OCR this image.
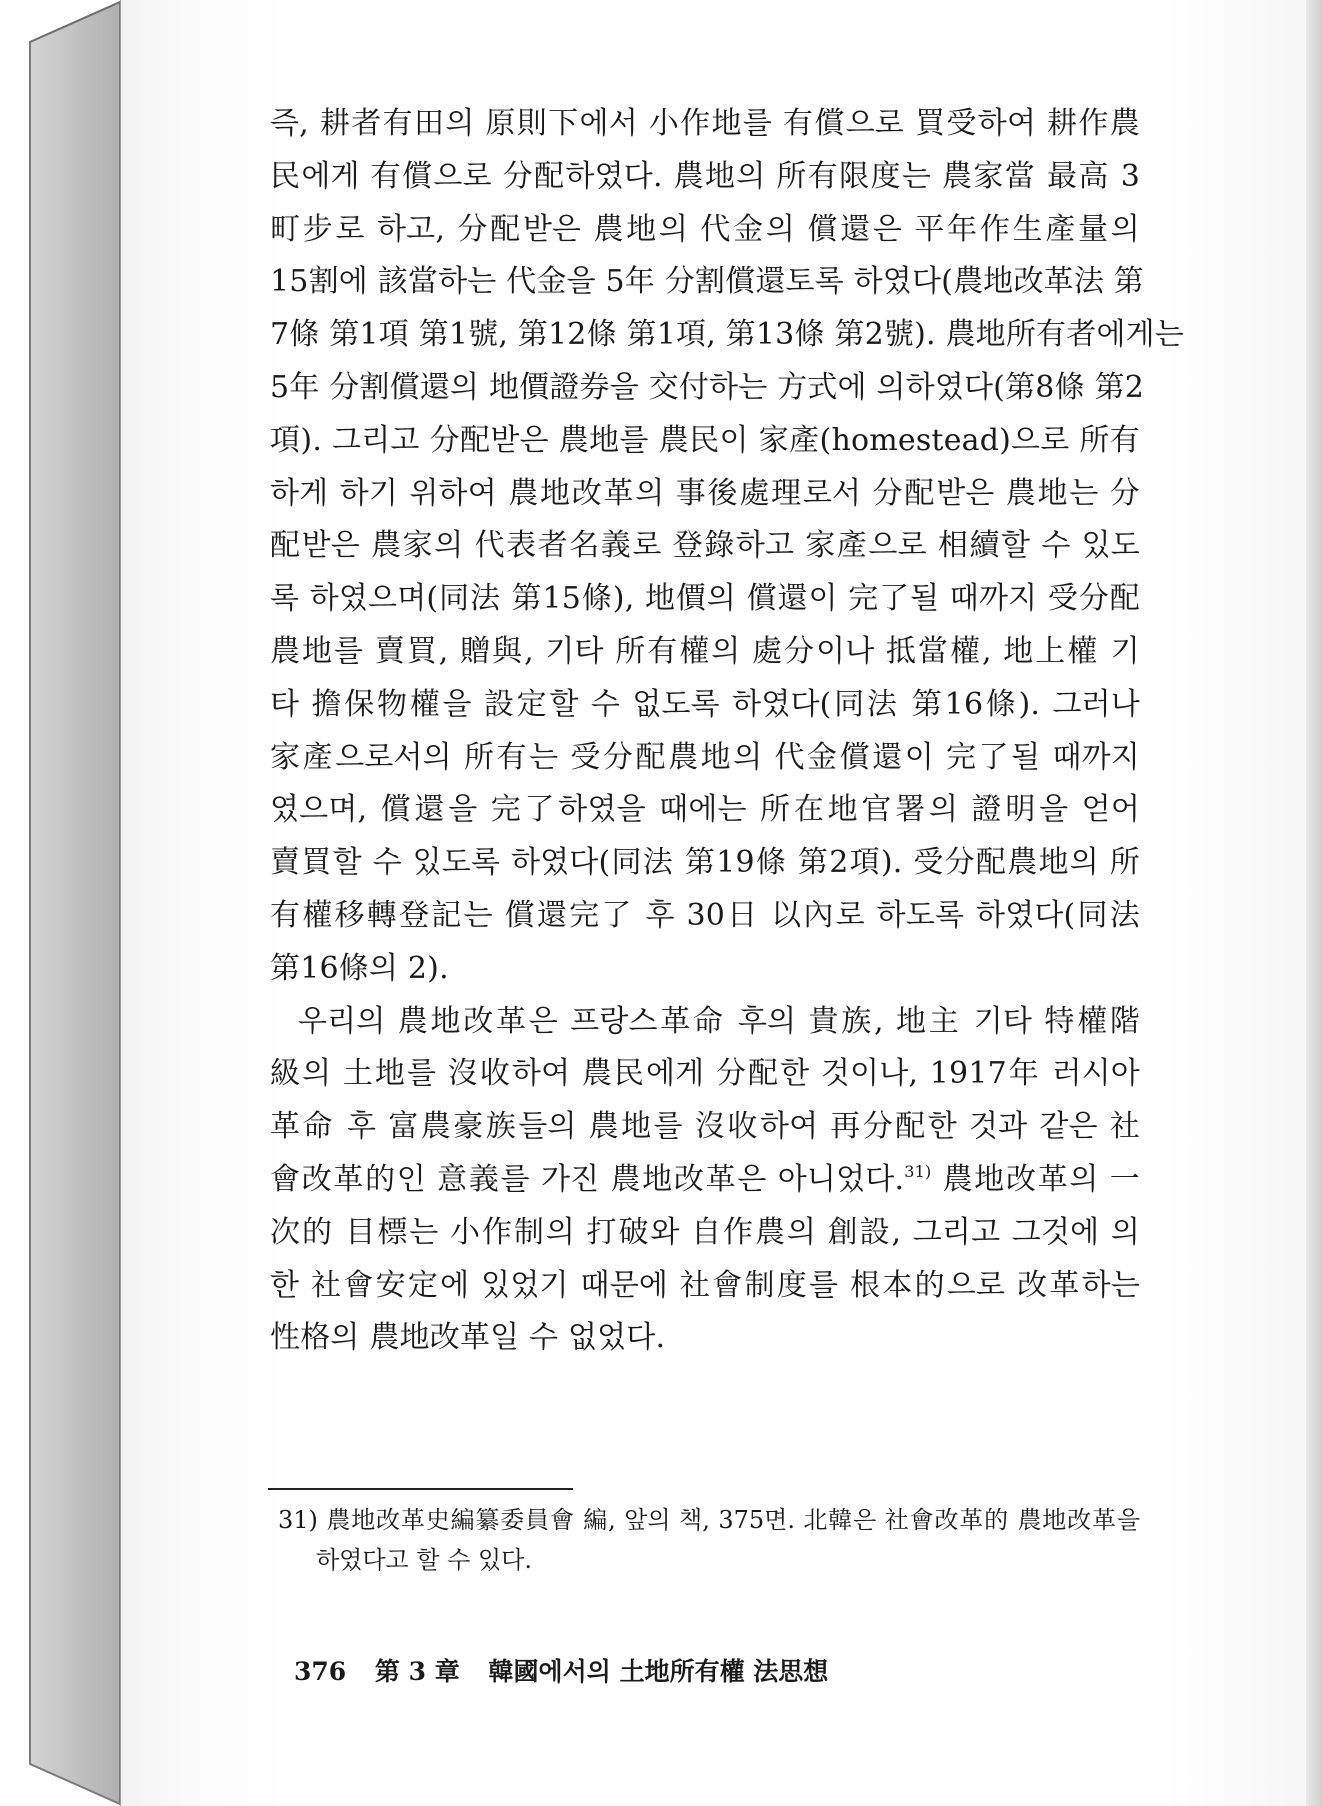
즉, 耕者有田의 原則下에서 小作地를 有償으로 買受하여 耕作農
民에게 有償으로 分配하였다. 農地의 所有限度는 農家當 最高 3
町步로 하고, 分配받은 農地의 代金의 償還은 平年作生產量의
15割에 該當하는 代金을 5年 分割償還토록 하였다(農地改革法 第
7條 第1項 第1號, 第12條 第1項, 第13條 第2號). 農地所有者에게는
5年 分割償還의 地價證券을 交付하는 方式에 의하였다(第8條 第2
項). 그리고 分配받은 農地를 農民이 家產(homestead)으로 所有
하게 하기 위하여 農地改革의 事後處理로서 分配받은 農地는 分
配받은 農家의 代表者名義로 登錄하고 家產으로 相續할 수 있도
록 하였으며(同法 第15條), 地價의 償還이 完了될 때까지 受分配
農地를 賣買, 贈與, 기타 所有權의 處分이나 抵當權, 地上權 기
타 擔保物權을 設定할 수 없도록 하였다(同法 第16條). 그러나
家產으로서의 所有는 受分配農地의 代金償還이 完了될 때까지
였으며, 償還을 完了하였을 때에는 所在地官署의 證明을 얻어
賣買할 수 있도록 하였다(同法 第19條 第2項). 受分配農地의 所
有權移轉登記는 償還完了 후 30日 以內로 하도록 하였다(同法
第16條의 2).
우리의 農地改革은 프랑스革命 후의 貴族, 地主 기타 特權階
級의 土地를 沒收하여 農民에게 分配한 것이나, 1917年 러시아
革命 후 富農豪族들의 農地를 沒收하여 再分配한 것과 같은 社
會改革的인 意義를 가진 農地改革은 아니었다.$^{31)}$ 農地改革의 一
次的 目標는 小作制의 打破와 自作農의 創設, 그리고 그것에 의
한 社會安定에 있었기 때문에 社會制度를 根本的으로 改革하는
性格의 農地改革일 수 없었다.
31) 農地改革史編纂委員會 編, 앞의 책, 375면. 北韓은 社會改革的 農地改革을
하였다고 할 수 있다.
376 第 3 章 韓國에서의 土地所有權 法思想
